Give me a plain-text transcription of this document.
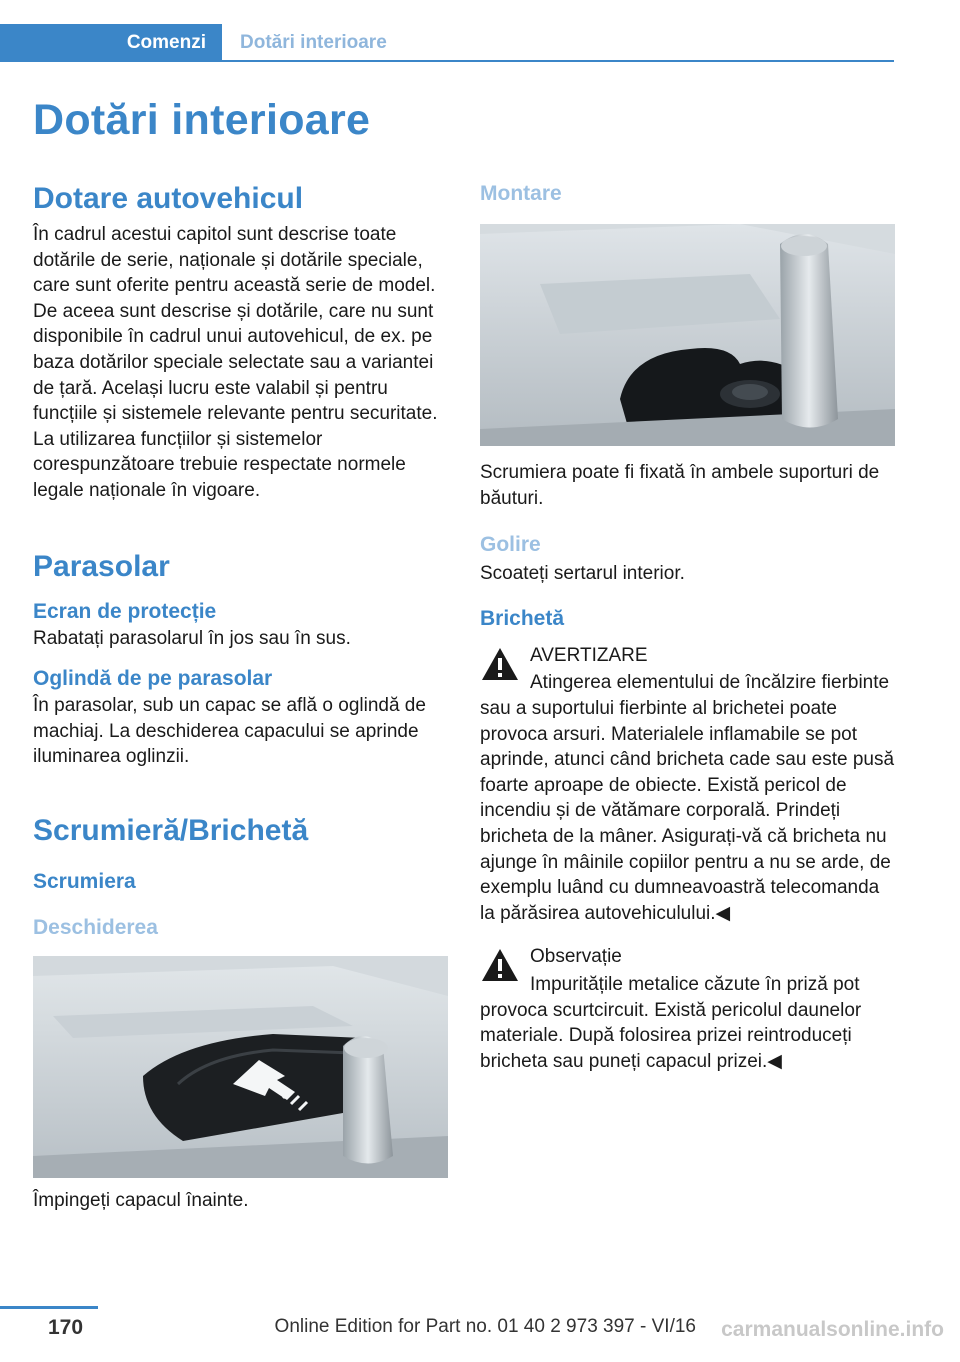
Comenzi	Dotări interioare
Dotări interioare
Dotare autovehicul

În cadrul acestui capitol sunt descrise toate dotările de serie, naționale și dotările speciale, care sunt oferite pentru această serie de model. De aceea sunt descrise și dotările, care nu sunt disponibile în cadrul unui autovehicul, de ex. pe baza dotărilor speciale selectate sau a variantei de țară. Același lucru este valabil și pentru funcțiile și sistemele relevante pentru securitate. La utilizarea funcțiilor și sistemelor corespunzătoare trebuie respectate normele legale naționale în vigoare.

Parasolar
Ecran de protecție

Rabatați parasolarul în jos sau în sus.

Oglindă de pe parasolar

În parasolar, sub un capac se află o oglindă de machiaj. La deschiderea capacului se aprinde iluminarea oglinzii.

Scrumieră/Brichetă
Scrumiera
Deschiderea

Împingeți capacul înainte.

Montare

Scrumiera poate fi fixată în ambele suporturi de băuturi.

Golire

Scoateți sertarul interior.

Brichetă

AVERTIZARE

Atingerea elementului de încălzire fierbinte sau a suportului fierbinte al brichetei poate provoca arsuri. Materialele inflamabile se pot aprinde, atunci când bricheta cade sau este pusă foarte aproape de obiecte. Există pericol de incendiu și de vătămare corporală. Prindeți bricheta de la mâner. Asigurați-vă că bricheta nu ajunge în mâinile copiilor pentru a nu se arde, de exemplu luând cu dumneavoastră telecomanda la părăsirea autovehiculului.◀

Observație

Impuritățile metalice căzute în priză pot provoca scurtcircuit. Există pericolul daunelor materiale. După folosirea prizei reintroduceți bricheta sau puneți capacul prizei.◀

170	Online Edition for Part no. 01 40 2 973 397 - VI/16 carmanualsonline.info
